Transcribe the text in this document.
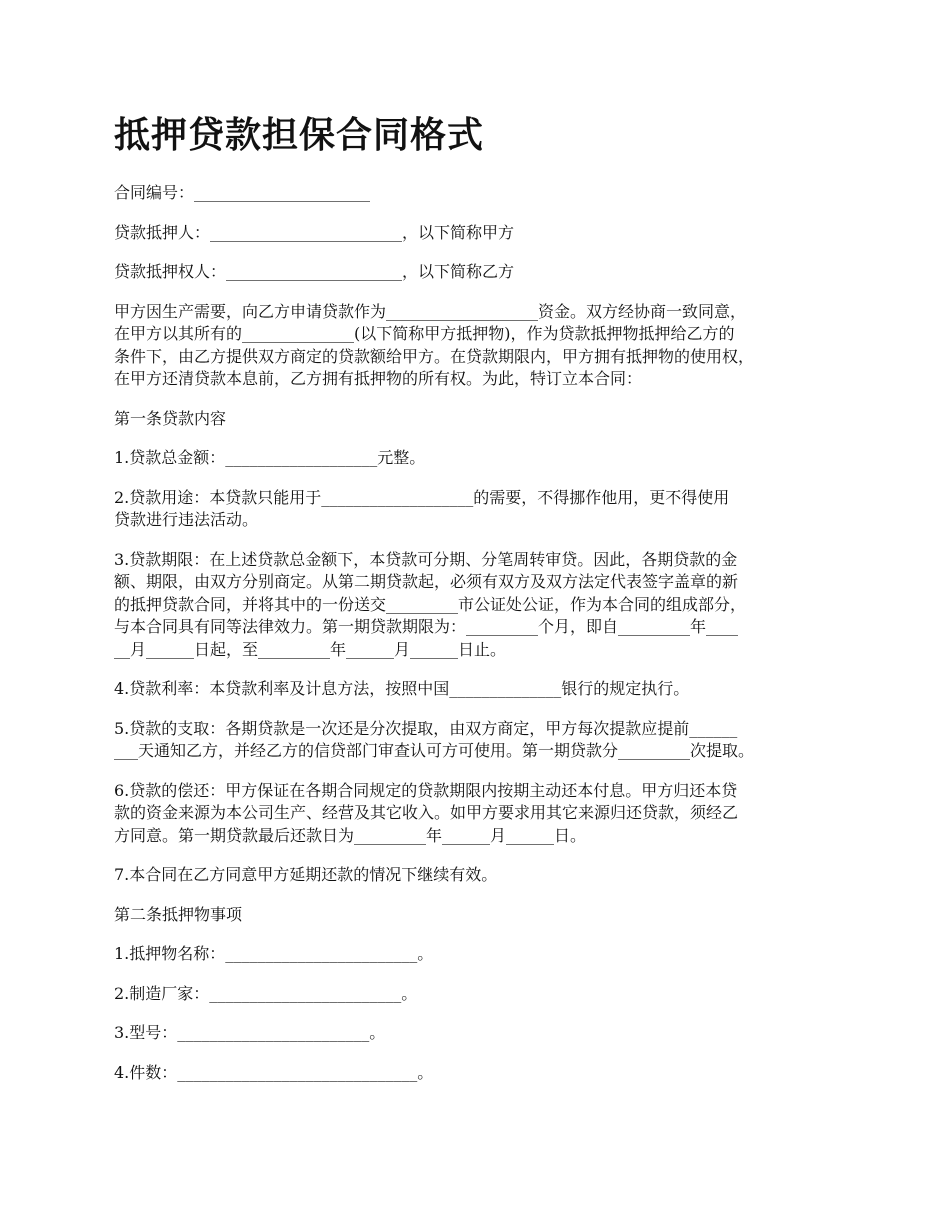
抵押贷款担保合同格式

合同编号：______________________

贷款抵押人：________________________，以下简称甲方

贷款抵押权人：______________________，以下简称乙方

甲方因生产需要，向乙方申请贷款作为___________________资金。双方经协商一致同意，
在甲方以其所有的______________(以下简称甲方抵押物)，作为贷款抵押物抵押给乙方的
条件下，由乙方提供双方商定的贷款额给甲方。在贷款期限内，甲方拥有抵押物的使用权，
在甲方还清贷款本息前，乙方拥有抵押物的所有权。为此，特订立本合同：

第一条贷款内容

1.贷款总金额：___________________元整。

2.贷款用途：本贷款只能用于___________________的需要，不得挪作他用，更不得使用
贷款进行违法活动。

3.贷款期限：在上述贷款总金额下，本贷款可分期、分笔周转审贷。因此，各期贷款的金
额、期限，由双方分别商定。从第二期贷款起，必须有双方及双方法定代表签字盖章的新
的抵押贷款合同，并将其中的一份送交_________市公证处公证，作为本合同的组成部分，
与本合同具有同等法律效力。第一期贷款期限为：_________个月，即自_________年____
__月______日起，至_________年______月______日止。

4.贷款利率：本贷款利率及计息方法，按照中国______________银行的规定执行。

5.贷款的支取：各期贷款是一次还是分次提取，由双方商定，甲方每次提款应提前______
___天通知乙方，并经乙方的信贷部门审查认可方可使用。第一期贷款分_________次提取。

6.贷款的偿还：甲方保证在各期合同规定的贷款期限内按期主动还本付息。甲方归还本贷
款的资金来源为本公司生产、经营及其它收入。如甲方要求用其它来源归还贷款，须经乙
方同意。第一期贷款最后还款日为_________年______月______日。

7.本合同在乙方同意甲方延期还款的情况下继续有效。

第二条抵押物事项

1.抵押物名称：________________________。

2.制造厂家：________________________。

3.型号：________________________。

4.件数：______________________________。
